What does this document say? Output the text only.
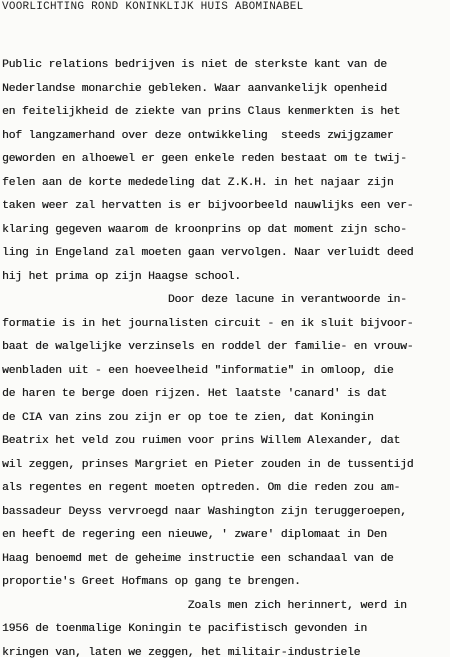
VOORLICHTING ROND KONINKLIJK HUIS ABOMINABEL
Public relations bedrijven is niet de sterkste kant van de
Nederlandse monarchie gebleken. Waar aanvankelijk openheid
en feitelijkheid de ziekte van prins Claus kenmerkten is het
hof langzamerhand over deze ontwikkeling  steeds zwijgzamer
geworden en alhoewel er geen enkele reden bestaat om te twij-
felen aan de korte mededeling dat Z.K.H. in het najaar zijn
taken weer zal hervatten is er bijvoorbeeld nauwlijks een ver-
klaring gegeven waarom de kroonprins op dat moment zijn scho-
ling in Engeland zal moeten gaan vervolgen. Naar verluidt deed
hij het prima op zijn Haagse school.
Door deze lacune in verantwoorde in-
formatie is in het journalisten circuit - en ik sluit bijvoor-
baat de walgelijke verzinsels en roddel der familie- en vrouw-
wenbladen uit - een hoeveelheid "informatie" in omloop, die
de haren te berge doen rijzen. Het laatste 'canard' is dat
de CIA van zins zou zijn er op toe te zien, dat Koningin
Beatrix het veld zou ruimen voor prins Willem Alexander, dat
wil zeggen, prinses Margriet en Pieter zouden in de tussentijd
als regentes en regent moeten optreden. Om die reden zou am-
bassadeur Deyss vervroegd naar Washington zijn teruggeroepen,
en heeft de regering een nieuwe, ' zware' diplomaat in Den
Haag benoemd met de geheime instructie een schandaal van de
proportie's Greet Hofmans op gang te brengen.
Zoals men zich herinnert, werd in
1956 de toenmalige Koningin te pacifistisch gevonden in
kringen van, laten we zeggen, het militair-industriele
